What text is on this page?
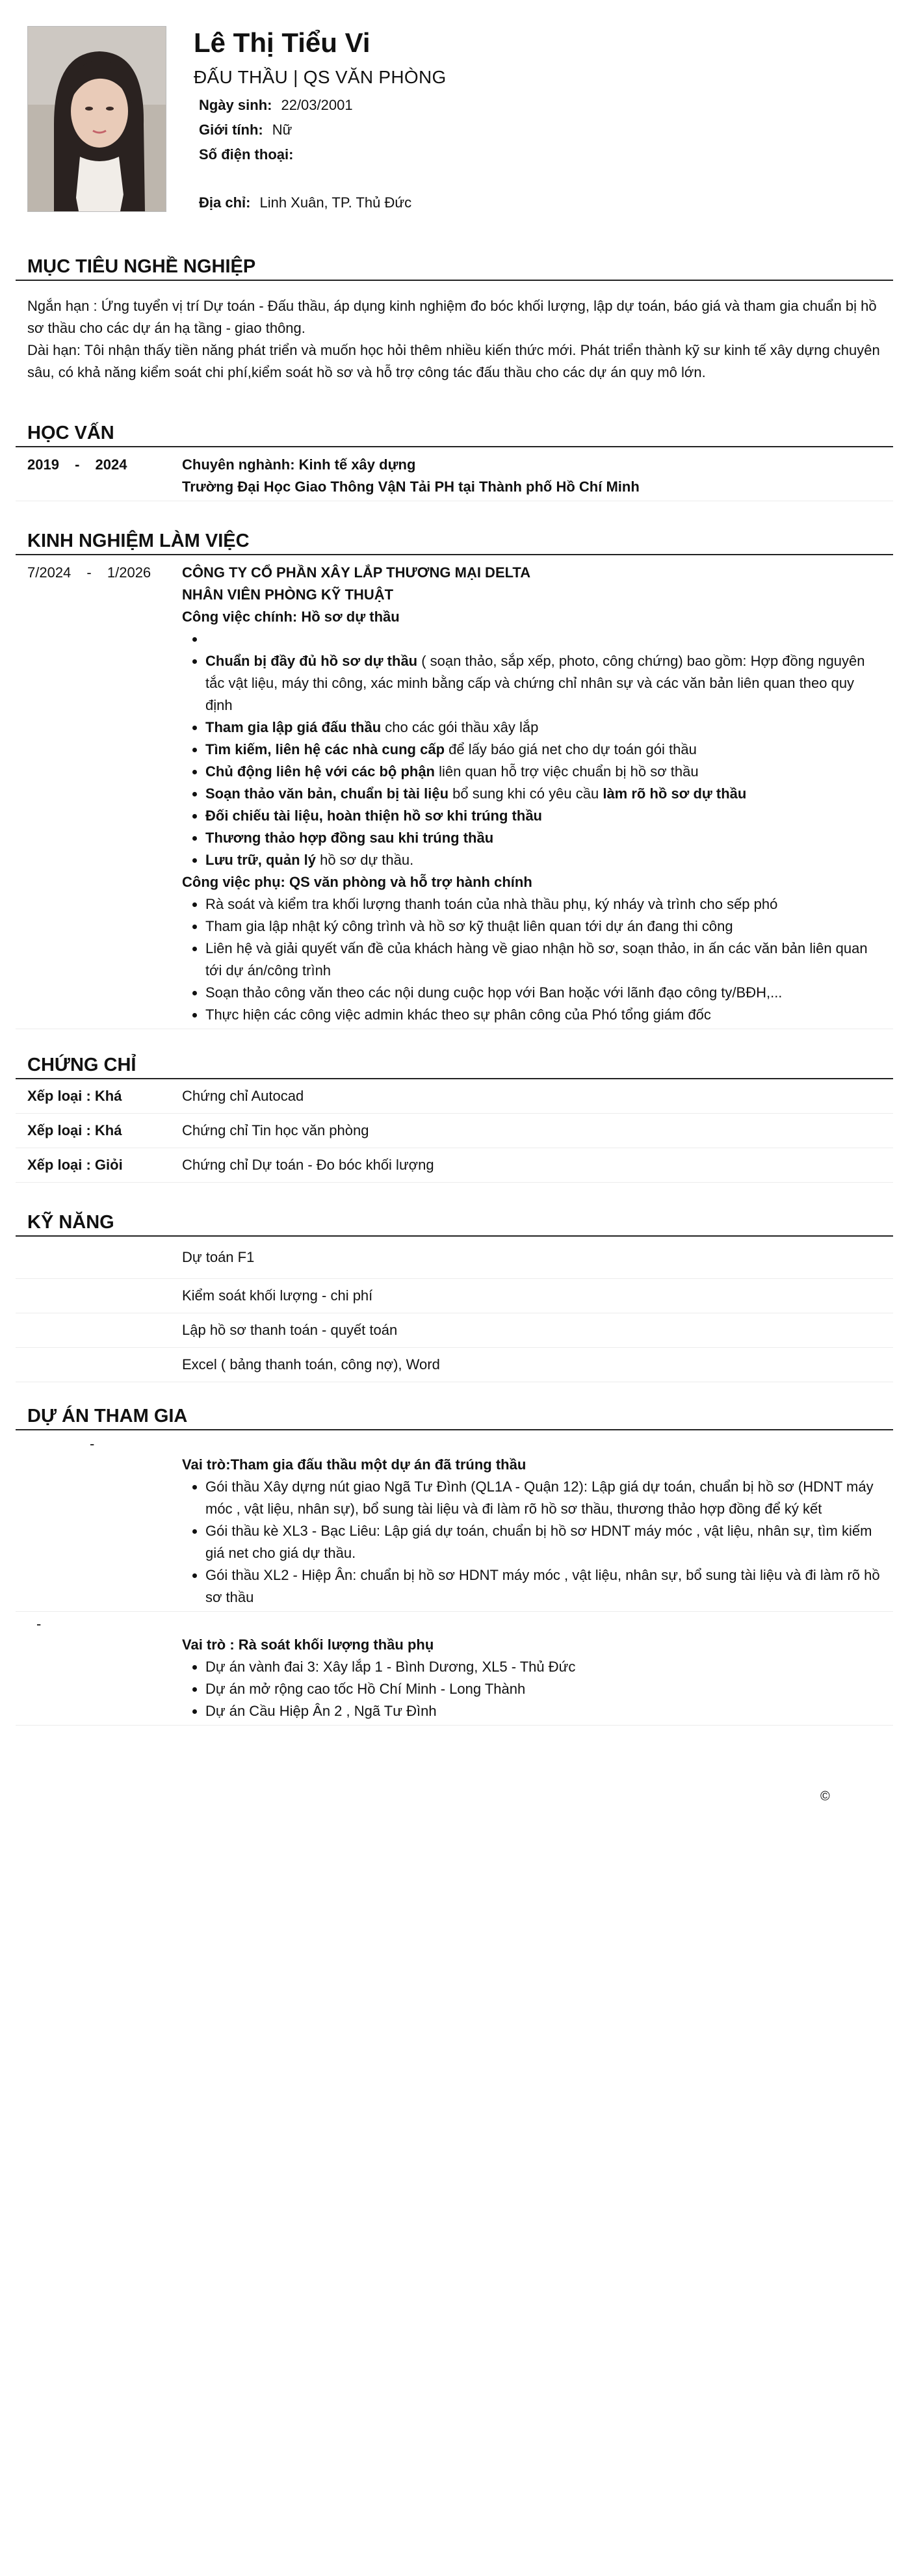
Lê Thị Tiểu Vi
ĐẤU THẦU | QS VĂN PHÒNG
Ngày sinh: 22/03/2001
Giới tính: Nữ
Số điện thoại:
Địa chỉ: Linh Xuân, TP. Thủ Đức
MỤC TIÊU NGHỀ NGHIỆP
Ngắn hạn : Ứng tuyển vị trí Dự toán - Đấu thầu, áp dụng kinh nghiệm đo bóc khối lượng, lập dự toán, báo giá và tham gia chuẩn bị hồ sơ thầu cho các dự án hạ tầng - giao thông.
Dài hạn: Tôi nhận thấy tiền năng phát triển và muốn học hỏi thêm nhiều kiến thức mới. Phát triển thành kỹ sư kinh tế xây dựng chuyên sâu, có khả năng kiểm soát chi phí,kiểm soát hồ sơ và hỗ trợ công tác đấu thầu cho các dự án quy mô lớn.
HỌC VẤN
2019 - 2024	Chuyên nghành: Kinh tế xây dựng
Trường Đại Học Giao Thông VậN Tải PH tại Thành phố Hồ Chí Minh
KINH NGHIỆM LÀM VIỆC
7/2024 - 1/2026	CÔNG TY CỔ PHẦN XÂY LẮP THƯƠNG MẠI DELTA
NHÂN VIÊN PHÒNG KỸ THUẬT
Công việc chính: Hồ sơ dự thầu
•
• Chuẩn bị đầy đủ hồ sơ dự thầu ( soạn thảo, sắp xếp, photo, công chứng) bao gồm: Hợp đồng nguyên tắc vật liệu, máy thi công, xác minh bằng cấp và chứng chỉ nhân sự và các văn bản liên quan theo quy định
• Tham gia lập giá đấu thầu cho các gói thầu xây lắp
• Tìm kiếm, liên hệ các nhà cung cấp để lấy báo giá net cho dự toán gói thầu
• Chủ động liên hệ với các bộ phận liên quan hỗ trợ việc chuẩn bị hồ sơ thầu
• Soạn thảo văn bản, chuẩn bị tài liệu bổ sung khi có yêu cầu làm rõ hồ sơ dự thầu
• Đối chiếu tài liệu, hoàn thiện hồ sơ khi trúng thầu
• Thương thảo hợp đồng sau khi trúng thầu
• Lưu trữ, quản lý hồ sơ dự thầu.
Công việc phụ: QS văn phòng và hỗ trợ hành chính
• Rà soát và kiểm tra khối lượng thanh toán của nhà thầu phụ, ký nháy và trình cho sếp phó
• Tham gia lập nhật ký công trình và hồ sơ kỹ thuật liên quan tới dự án đang thi công
• Liên hệ và giải quyết vấn đề của khách hàng về giao nhận hồ sơ, soạn thảo, in ấn các văn bản liên quan tới dự án/công trình
• Soạn thảo công văn theo các nội dung cuộc họp với Ban hoặc với lãnh đạo công ty/BĐH,...
• Thực hiện các công việc admin khác theo sự phân công của Phó tổng giám đốc
CHỨNG CHỈ
Xếp loại : Khá	Chứng chỉ Autocad
Xếp loại : Khá	Chứng chỉ Tin học văn phòng
Xếp loại : Giỏi	Chứng chỉ Dự toán - Đo bóc khối lượng
KỸ NĂNG
Dự toán F1
Kiểm soát khối lượng - chi phí
Lập hồ sơ thanh toán - quyết toán
Excel ( bảng thanh toán, công nợ), Word
DỰ ÁN THAM GIA
-
Vai trò:Tham gia đấu thầu một dự án đã trúng thầu
• Gói thầu Xây dựng nút giao Ngã Tư Đình (QL1A - Quận 12): Lập giá dự toán, chuẩn bị hồ sơ (HDNT máy móc , vật liệu, nhân sự), bổ sung tài liệu và đi làm rõ hồ sơ thầu, thương thảo hợp đồng để ký kết
• Gói thầu kè XL3 - Bạc Liêu: Lập giá dự toán, chuẩn bị hồ sơ HDNT máy móc , vật liệu, nhân sự, tìm kiếm giá net cho giá dự thầu.
• Gói thầu XL2 - Hiệp Ân: chuẩn bị hồ sơ HDNT máy móc , vật liệu, nhân sự, bổ sung tài liệu và đi làm rõ hồ sơ thầu
-
Vai trò : Rà soát khối lượng thầu phụ
• Dự án vành đai 3: Xây lắp 1 - Bình Dương, XL5 - Thủ Đức
• Dự án mở rộng cao tốc Hồ Chí Minh - Long Thành
• Dự án Cầu Hiệp Ân 2 , Ngã Tư Đình
©
